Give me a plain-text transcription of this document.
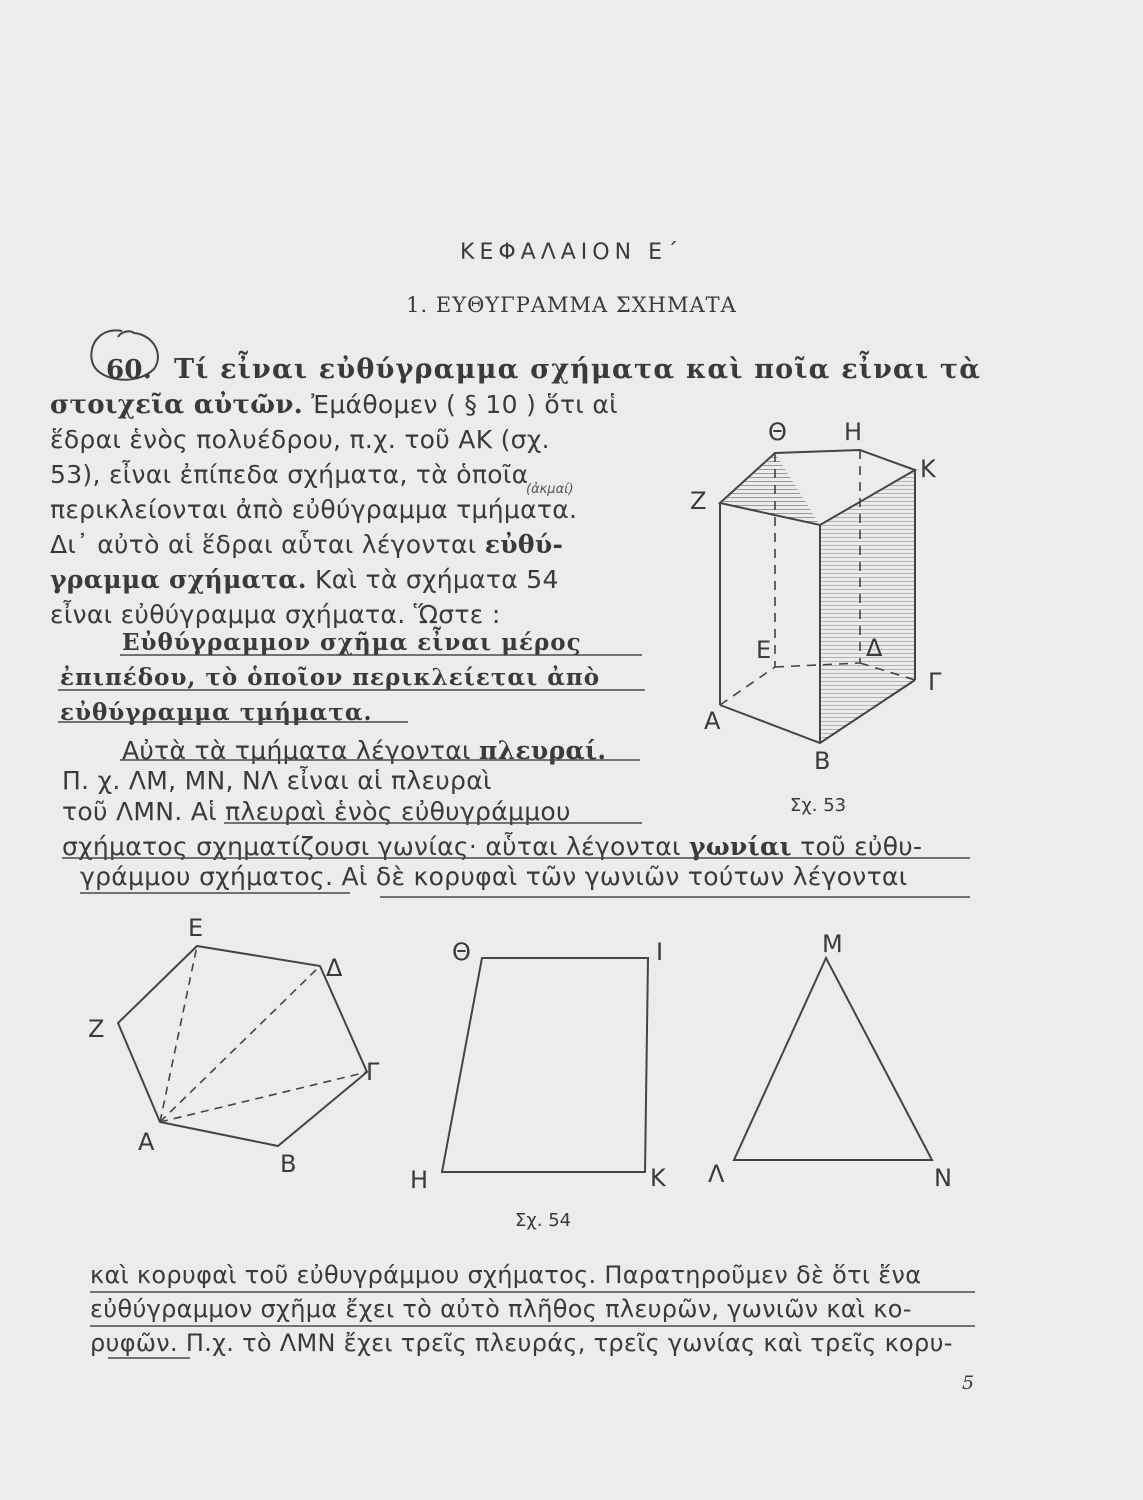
ΚΕΦΑΛΑΙΟΝ Ε΄
1. ΕΥΘΥΓΡΑΜΜΑ ΣΧΗΜΑΤΑ
60. Τί εἶναι εὐθύγραμμα σχήματα καὶ ποῖα εἶναι τὰ
στοιχεῖα αὐτῶν. Ἐμάθομεν ( § 10 ) ὅτι αἱ
ἕδραι ἑνὸς πολυέδρου, π.χ. τοῦ ΑΚ (σχ.
53), εἶναι ἐπίπεδα σχήματα, τὰ ὁποῖα
(ἀκμαί)
περικλείονται ἀπὸ εὐθύγραμμα τμήματα.
Δι᾽ αὐτὸ αἱ ἕδραι αὗται λέγονται εὐθύ-
γραμμα σχήματα. Καὶ τὰ σχήματα 54
εἶναι εὐθύγραμμα σχήματα. Ὥστε :
Εὐθύγραμμον σχῆμα εἶναι μέρος
ἐπιπέδου, τὸ ὁποῖον περικλείεται ἀπὸ
εὐθύγραμμα τμήματα.
Αὐτὰ τὰ τμήματα λέγονται πλευραί.
Π. χ. ΛΜ, ΜΝ, ΝΛ εἶναι αἱ πλευραὶ
τοῦ ΛΜΝ. Αἱ πλευραὶ ἑνὸς εὐθυγράμμου
σχήματος σχηματίζουσι γωνίας· αὗται λέγονται γωνίαι τοῦ εὐθυ-
γράμμου σχήματος. Αἱ δὲ κορυφαὶ τῶν γωνιῶν τούτων λέγονται
Θ Η
Κ
Ζ
Ε	Δ
Γ
Α
Β
Σχ. 53
Ε
Δ
Ζ
Γ
Α
Β
Θ	Ι
Η	Κ
Μ
Λ	Ν
Σχ. 54
καὶ κορυφαὶ τοῦ εὐθυγράμμου σχήματος. Παρατηροῦμεν δὲ ὅτι ἕνα
εὐθύγραμμον σχῆμα ἔχει τὸ αὐτὸ πλῆθος πλευρῶν, γωνιῶν καὶ κο-
ρυφῶν. Π.χ. τὸ ΛΜΝ ἔχει τρεῖς πλευράς, τρεῖς γωνίας καὶ τρεῖς κορυ-
5
